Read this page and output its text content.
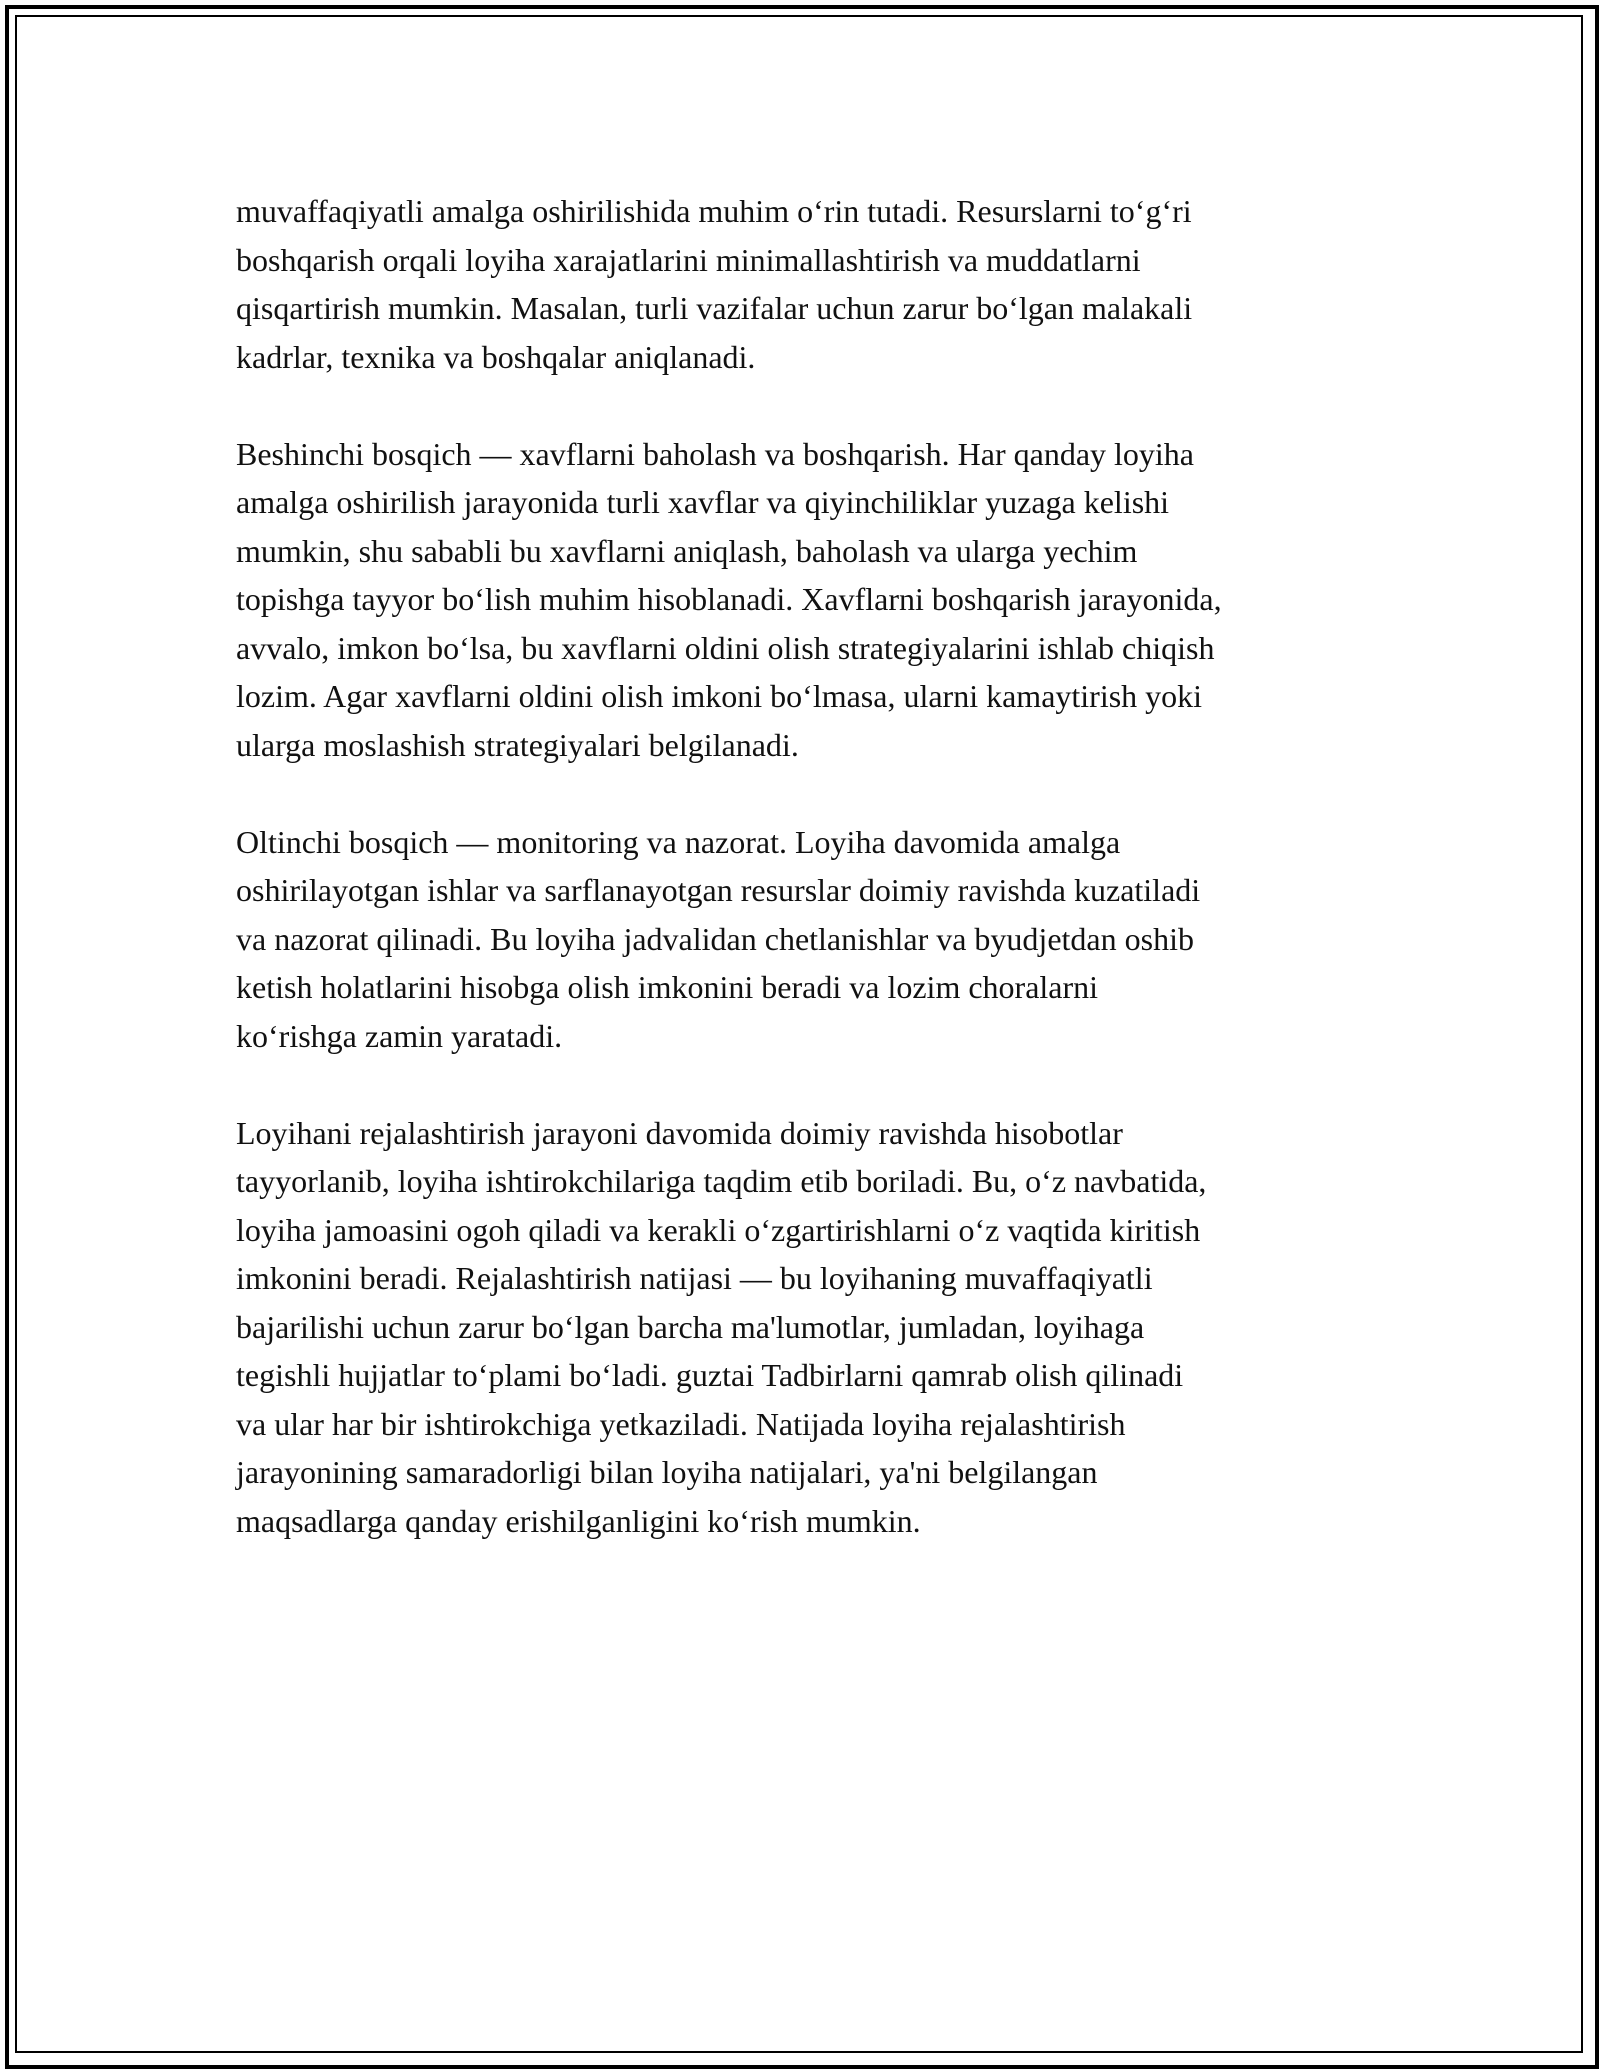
muvaffaqiyatli amalga oshirilishida muhim o‘rin tutadi. Resurslarni to‘g‘ri
boshqarish orqali loyiha xarajatlarini minimallashtirish va muddatlarni
qisqartirish mumkin. Masalan, turli vazifalar uchun zarur bo‘lgan malakali
kadrlar, texnika va boshqalar aniqlanadi.

Beshinchi bosqich — xavflarni baholash va boshqarish. Har qanday loyiha
amalga oshirilish jarayonida turli xavflar va qiyinchiliklar yuzaga kelishi
mumkin, shu sababli bu xavflarni aniqlash, baholash va ularga yechim
topishga tayyor bo‘lish muhim hisoblanadi. Xavflarni boshqarish jarayonida,
avvalo, imkon bo‘lsa, bu xavflarni oldini olish strategiyalarini ishlab chiqish
lozim. Agar xavflarni oldini olish imkoni bo‘lmasa, ularni kamaytirish yoki
ularga moslashish strategiyalari belgilanadi.

Oltinchi bosqich — monitoring va nazorat. Loyiha davomida amalga
oshirilayotgan ishlar va sarflanayotgan resurslar doimiy ravishda kuzatiladi
va nazorat qilinadi. Bu loyiha jadvalidan chetlanishlar va byudjetdan oshib
ketish holatlarini hisobga olish imkonini beradi va lozim choralarni
ko‘rishga zamin yaratadi.

Loyihani rejalashtirish jarayoni davomida doimiy ravishda hisobotlar
tayyorlanib, loyiha ishtirokchilariga taqdim etib boriladi. Bu, o‘z navbatida,
loyiha jamoasini ogoh qiladi va kerakli o‘zgartirishlarni o‘z vaqtida kiritish
imkonini beradi. Rejalashtirish natijasi — bu loyihaning muvaffaqiyatli
bajarilishi uchun zarur bo‘lgan barcha ma'lumotlar, jumladan, loyihaga
tegishli hujjatlar to‘plami bo‘ladi. guztai Tadbirlarni qamrab olish qilinadi
va ular har bir ishtirokchiga yetkaziladi. Natijada loyiha rejalashtirish
jarayonining samaradorligi bilan loyiha natijalari, ya'ni belgilangan
maqsadlarga qanday erishilganligini ko‘rish mumkin.
